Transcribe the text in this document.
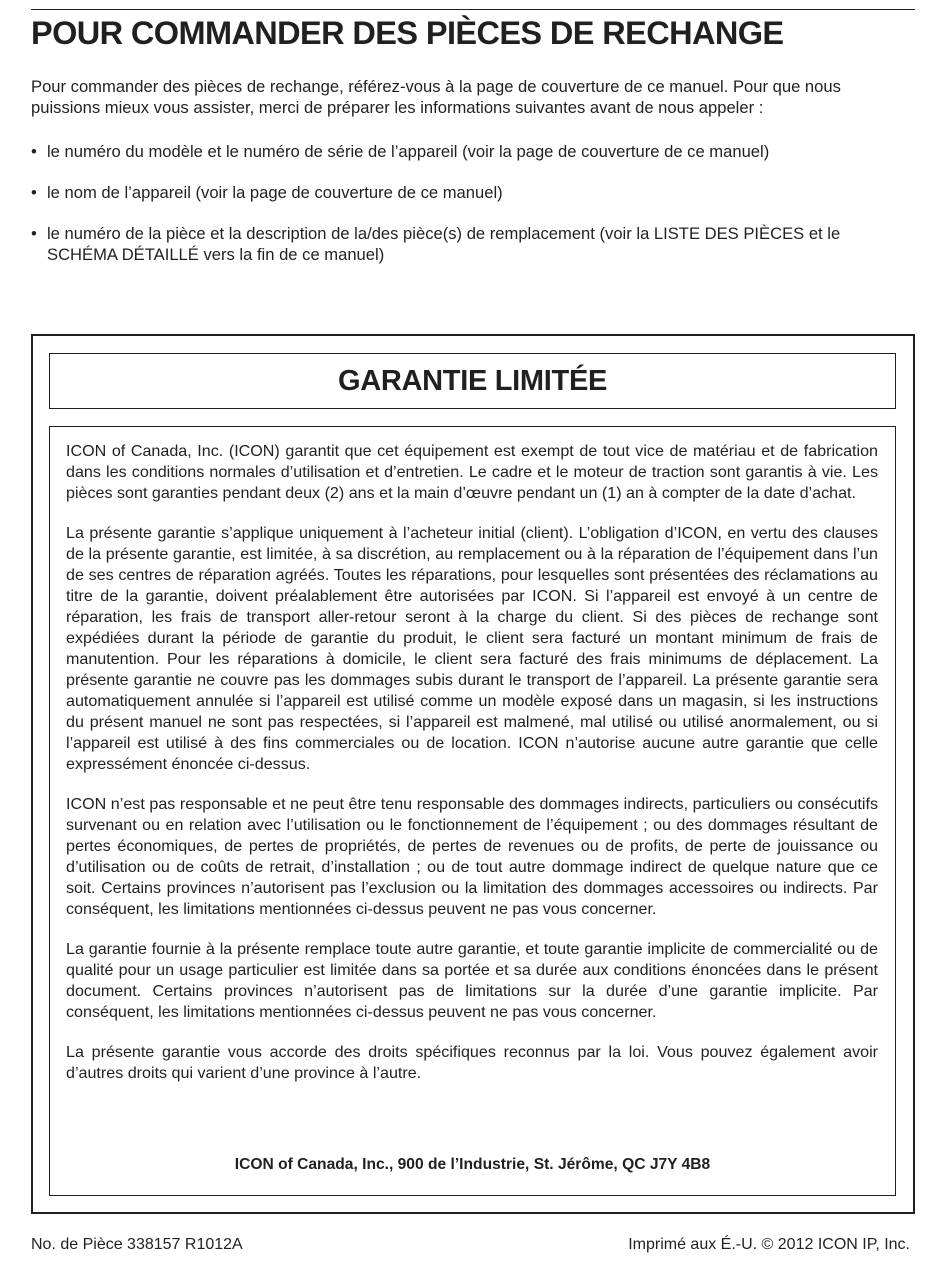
POUR COMMANDER DES PIÈCES DE RECHANGE

Pour commander des pièces de rechange, référez-vous à la page de couverture de ce manuel. Pour que nous puissions mieux vous assister, merci de préparer les informations suivantes avant de nous appeler :

• le numéro du modèle et le numéro de série de l’appareil (voir la page de couverture de ce manuel)
• le nom de l’appareil (voir la page de couverture de ce manuel)
• le numéro de la pièce et la description de la/des pièce(s) de remplacement (voir la LISTE DES PIÈCES et le SCHÉMA DÉTAILLÉ vers la fin de ce manuel)
GARANTIE LIMITÉE

ICON of Canada, Inc. (ICON) garantit que cet équipement est exempt de tout vice de matériau et de fabrication dans les conditions normales d’utilisation et d’entretien. Le cadre et le moteur de traction sont garantis à vie. Les pièces sont garanties pendant deux (2) ans et la main d’œuvre pendant un (1) an à compter de la date d’achat.

La présente garantie s’applique uniquement à l’acheteur initial (client). L’obligation d’ICON, en vertu des clauses de la présente garantie, est limitée, à sa discrétion, au remplacement ou à la réparation de l’équipement dans l’un de ses centres de réparation agréés. Toutes les réparations, pour lesquelles sont présentées des réclamations au titre de la garantie, doivent préalablement être autorisées par ICON. Si l’appareil est envoyé à un centre de réparation, les frais de transport aller-retour seront à la charge du client. Si des pièces de rechange sont expédiées durant la période de garantie du produit, le client sera facturé un montant minimum de frais de manutention. Pour les réparations à domicile, le client sera facturé des frais minimums de déplacement. La présente garantie ne couvre pas les dommages subis durant le transport de l’appareil. La présente garantie sera automatiquement annulée si l’appareil est utilisé comme un modèle exposé dans un magasin, si les instructions du présent manuel ne sont pas respectées, si l’appareil est malmené, mal utilisé ou utilisé anormalement, ou si l’appareil est utilisé à des fins commerciales ou de location. ICON n’autorise aucune autre garantie que celle expressément énoncée ci-dessus.

ICON n’est pas responsable et ne peut être tenu responsable des dommages indirects, particuliers ou consécutifs survenant ou en relation avec l’utilisation ou le fonctionnement de l’équipement ; ou des dommages résultant de pertes économiques, de pertes de propriétés, de pertes de revenues ou de profits, de perte de jouissance ou d’utilisation ou de coûts de retrait, d’installation ; ou de tout autre dommage indirect de quelque nature que ce soit. Certains provinces n’autorisent pas l’exclusion ou la limitation des dommages accessoires ou indirects. Par conséquent, les limitations mentionnées ci-dessus peuvent ne pas vous concerner.

La garantie fournie à la présente remplace toute autre garantie, et toute garantie implicite de commercialité ou de qualité pour un usage particulier est limitée dans sa portée et sa durée aux conditions énoncées dans le présent document. Certains provinces n’autorisent pas de limitations sur la durée d’une garantie implicite. Par conséquent, les limitations mentionnées ci-dessus peuvent ne pas vous concerner.

La présente garantie vous accorde des droits spécifiques reconnus par la loi. Vous pouvez également avoir d’autres droits qui varient d’une province à l’autre.

ICON of Canada, Inc., 900 de l’Industrie, St. Jérôme, QC J7Y 4B8
No. de Pièce 338157 R1012A	Imprimé aux É.-U. © 2012 ICON IP, Inc.
